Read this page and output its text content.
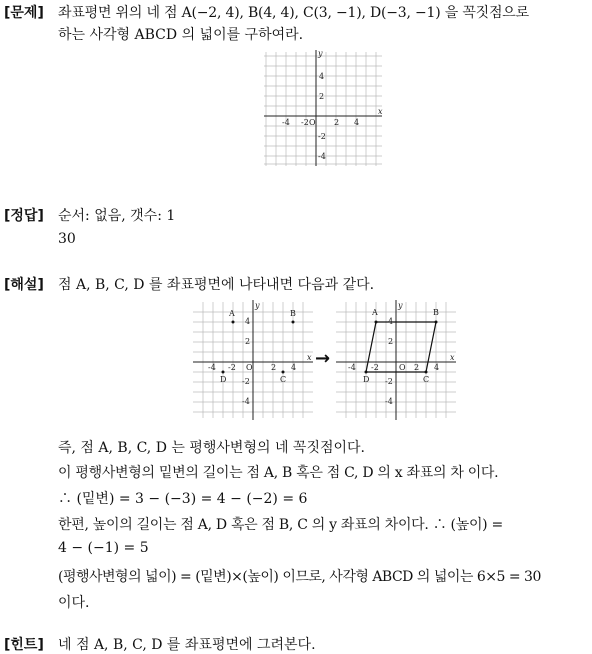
[문제] 좌표평면 위의 네 점 A(−2, 4), B(4, 4), C(3, −1), D(−3, −1) 을 꼭짓점으로
하는 사각형 ABCD 의 넓이를 구하여라.
x
y
O
-4 -2	2 4
4
2
-2
-4
[정답] 순서: 없음, 갯수: 1
30
[해설] 점 A, B, C, D 를 좌표평면에 나타내면 다음과 같다.
A	B
C
D
x
y
O
-4 -2	2 4
4
2
-2
-4
→
A	B
C
D
x
y
O
-4 -2	2 4
4
2
-2
-4
즉, 점 A, B, C, D 는 평행사변형의 네 꼭짓점이다.
이 평행사변형의 밑변의 길이는 점 A, B 혹은 점 C, D 의 x 좌표의 차 이다.
∴ (밑변) = 3 − (−3) = 4 − (−2) = 6
한편, 높이의 길이는 점 A, D 혹은 점 B, C 의 y 좌표의 차이다. ∴ (높이) =
4 − (−1) = 5
(평행사변형의 넓이) = (밑변)×(높이) 이므로, 사각형 ABCD 의 넓이는 6×5 = 30
이다.
[힌트] 네 점 A, B, C, D 를 좌표평면에 그려본다.
